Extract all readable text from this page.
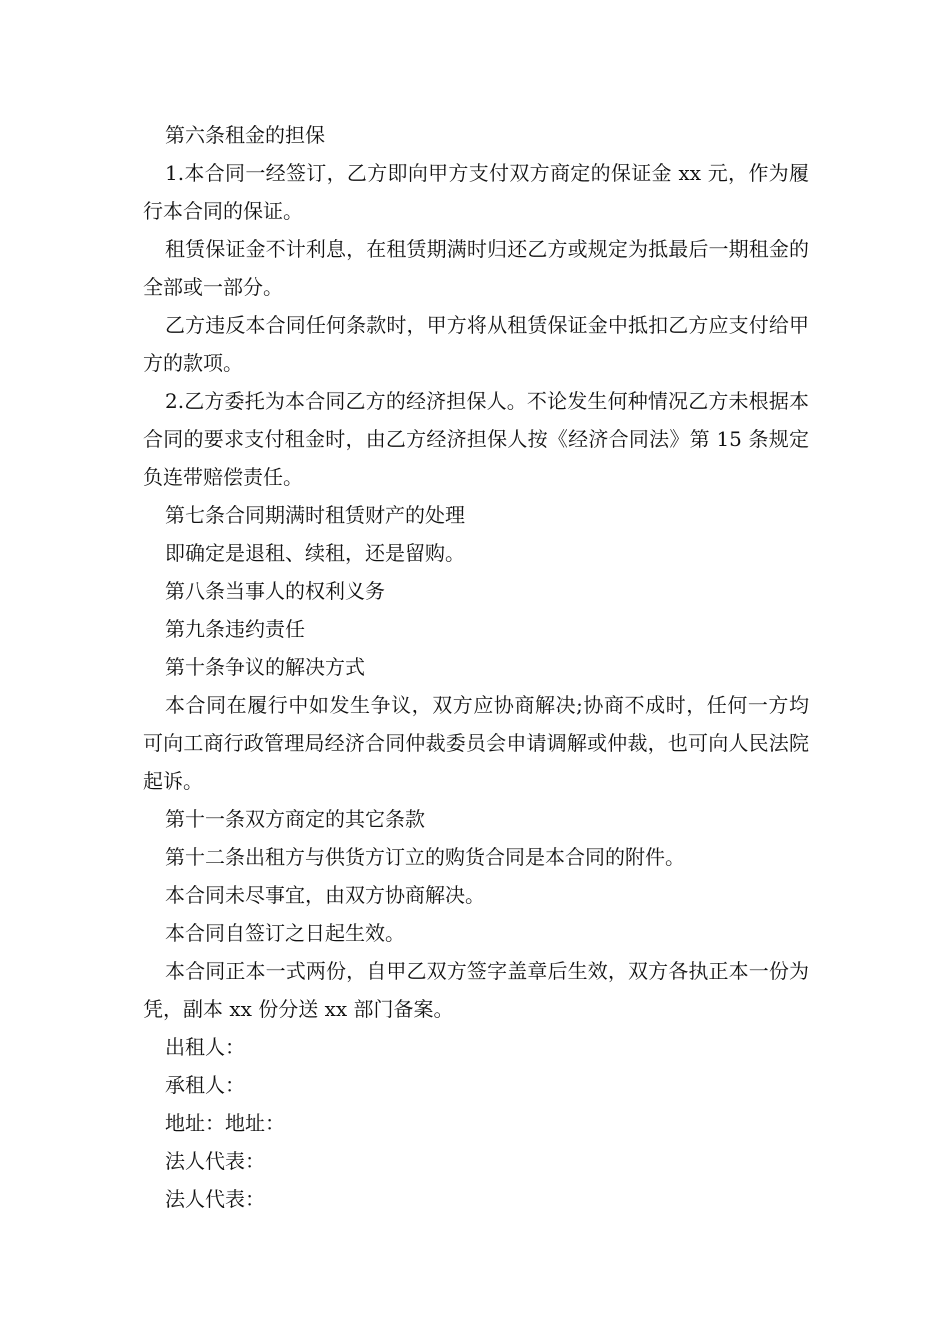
第六条租金的担保

1.本合同一经签订，乙方即向甲方支付双方商定的保证金 xx 元，作为履行本合同的保证。

租赁保证金不计利息，在租赁期满时归还乙方或规定为抵最后一期租金的全部或一部分。

乙方违反本合同任何条款时，甲方将从租赁保证金中抵扣乙方应支付给甲方的款项。

2.乙方委托为本合同乙方的经济担保人。不论发生何种情况乙方未根据本合同的要求支付租金时，由乙方经济担保人按《经济合同法》第 15 条规定负连带赔偿责任。

第七条合同期满时租赁财产的处理

即确定是退租、续租，还是留购。

第八条当事人的权利义务

第九条违约责任

第十条争议的解决方式

本合同在履行中如发生争议，双方应协商解决;协商不成时，任何一方均可向工商行政管理局经济合同仲裁委员会申请调解或仲裁，也可向人民法院起诉。

第十一条双方商定的其它条款

第十二条出租方与供货方订立的购货合同是本合同的附件。

本合同未尽事宜，由双方协商解决。

本合同自签订之日起生效。

本合同正本一式两份，自甲乙双方签字盖章后生效，双方各执正本一份为凭，副本 xx 份分送 xx 部门备案。

出租人：

承租人：

地址：地址：

法人代表：

法人代表：
